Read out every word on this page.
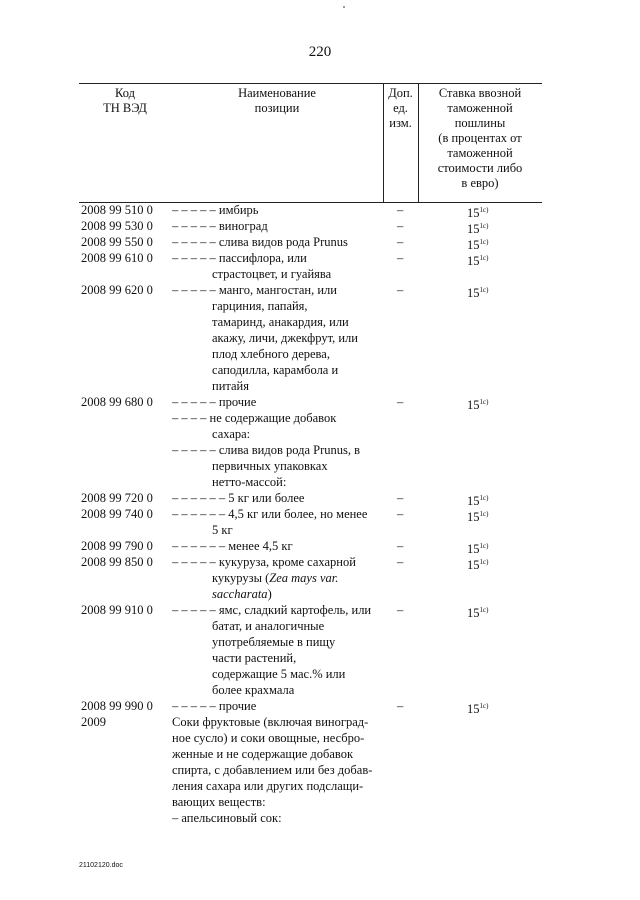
220
Код
ТН ВЭД
Наименование
позиции
Доп.
ед.
изм.
Ставка ввозной
таможенной
пошлины
(в процентах от
таможенной
стоимости либо
в евро)
2008 99 510 0 – – – – – имбирь	–	$15^{1с)}$
2008 99 530 0 – – – – – виноград	–	$15^{1с)}$
2008 99 550 0 – – – – – слива видов рода Prunus	–	$15^{1с)}$
2008 99 610 0 – – – – – пассифлора, или
страстоцвет, и гуайява
–	$15^{1с)}$
2008 99 620 0 – – – – – манго, мангостан, или
гарциния, папайя,
тамаринд, анакардия, или
акажу, личи, джекфрут, или
плод хлебного дерева,
саподилла, карамбола и
питайя
–	$15^{1с)}$
2008 99 680 0 – – – – – прочие	–	$15^{1с)}$
– – – – не содержащие добавок
сахара:
– – – – – слива видов рода Prunus, в
первичных упаковках
нетто-массой:
2008 99 720 0 – – – – – – 5 кг или более	–	$15^{1с)}$
2008 99 740 0 – – – – – – 4,5 кг или более, но менее
5 кг
–	$15^{1с)}$
2008 99 790 0 – – – – – – менее 4,5 кг	–	$15^{1с)}$
2008 99 850 0 – – – – – кукуруза, кроме сахарной
кукурузы (Zea mays var.
saccharata)
–	$15^{1с)}$
2008 99 910 0 – – – – – ямс, сладкий картофель, или
батат, и аналогичные
употребляемые в пищу
части растений,
содержащие 5 мас.% или
более крахмала
–	$15^{1с)}$
2008 99 990 0 – – – – – прочие	–	$15^{1с)}$
2009	Соки фруктовые (включая виноград-
ное сусло) и соки овощные, несбро-
женные и не содержащие добавок
спирта, с добавлением или без добав-
ления сахара или других подслащи-
вающих веществ:
– апельсиновый сок:
21102120.doc
